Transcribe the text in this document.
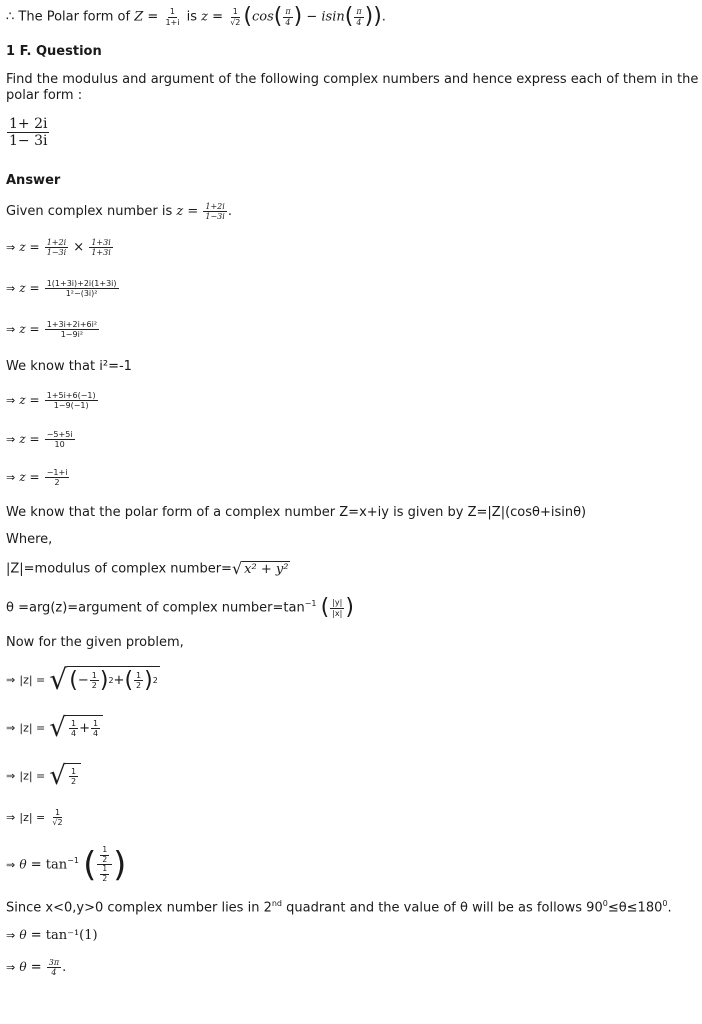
∴ The Polar form of $Z = \frac{1}{1+i}$ is $z = \frac{1}{√2} (\cos( \frac{\pi}{4}$ ) − $isin( \frac{\pi}{4}$ )).
1 F. Question
Find the modulus and argument of the following complex numbers and hence express each of them in the
polar form :
$\frac{1+ 2i}{1- 3i}$
Answer
Given complex number is $z = \frac{1+2i}{1-3i}$ .
⇒ $z = \frac{1+2i}{1-3i} \times \frac{1+3i}{1+3i}$
⇒ $z = \frac{1(1+3i)+2i(1+3i)}{\text{1²−(3i)²}}$
⇒ $z = \frac{\text{1+3i+2i+6i²}}{\text{1−9i²}}$
We know that i²=-1
⇒ $z = \frac{1+5i+6(-1)}{1-9(-1)}$
⇒ $z = \frac{-5+5i}{10}$
⇒ $z = \frac{-1+i}{2}$
We know that the polar form of a complex number Z=x+iy is given by Z=|Z|(cosθ+isinθ)
Where,
|Z|=modulus of complex number= √ x² + y²
θ =arg(z)=argument of complex $number=\tan^{-1}$ ( $\frac{|y|}{|x|}$ )
Now for the given problem,
⇒ |z| = √ ( − $\frac{1}{2}$ ) 2 + ( $\frac{1}{2}$ ) 2
⇒ |z| = √ $\frac{1}{4} + \frac{1}{4}$
⇒ |z| = √ $\frac{1}{2}$
⇒ $|z| = \frac{1}{√2}$
⇒ $\theta = \tan^{-1}$ ( $\frac{\frac{1}{2}}{\frac{1}{2}}$ )
Since x<0,y>0 complex number lies in 2nd quadrant and the value of θ will be as follows $90^0\le\theta\le 180^0$.
⇒ θ = tan⁻¹(1)
⇒ $\theta = \frac{3\pi}{4}$ .
